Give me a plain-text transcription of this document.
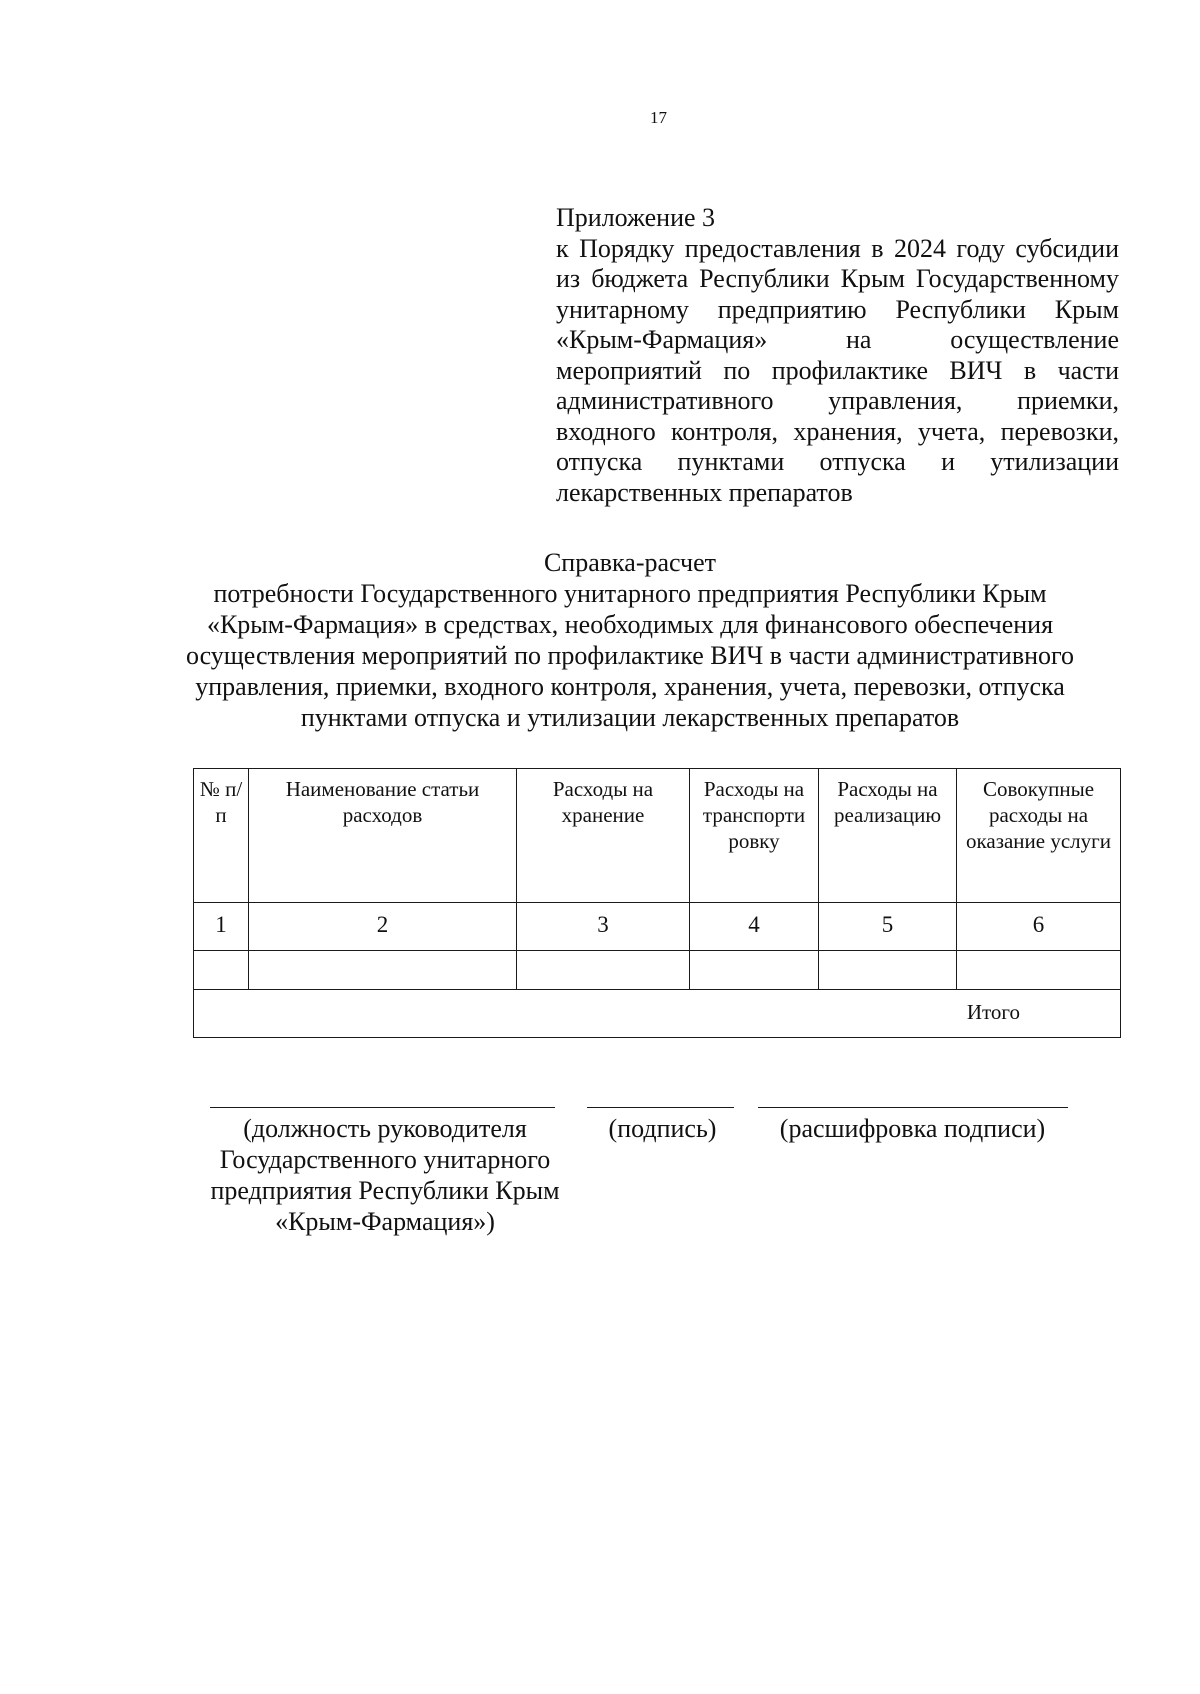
17
Приложение 3
к Порядку предоставления в 2024 году субсидии из бюджета Республики Крым Государственному унитарному предприятию Республики Крым «Крым-Фармация» на осуществление мероприятий по профилактике ВИЧ в части административного управления, приемки, входного контроля, хранения, учета, перевозки, отпуска пунктами отпуска и утилизации лекарственных препаратов
Справка-расчет
потребности Государственного унитарного предприятия Республики Крым «Крым-Фармация» в средствах, необходимых для финансового обеспечения осуществления мероприятий по профилактике ВИЧ в части административного управления, приемки, входного контроля, хранения, учета, перевозки, отпуска пунктами отпуска и утилизации лекарственных препаратов
№ п/п	Наименование статьи расходов	Расходы на хранение	Расходы на транспорти ровку	Расходы на реализацию	Совокупные расходы на оказание услуги
1	2	3	4	5	6

Итого					
(должность руководителя Государственного унитарного предприятия Республики Крым «Крым-Фармация»)
(подпись)	(расшифровка подписи)
